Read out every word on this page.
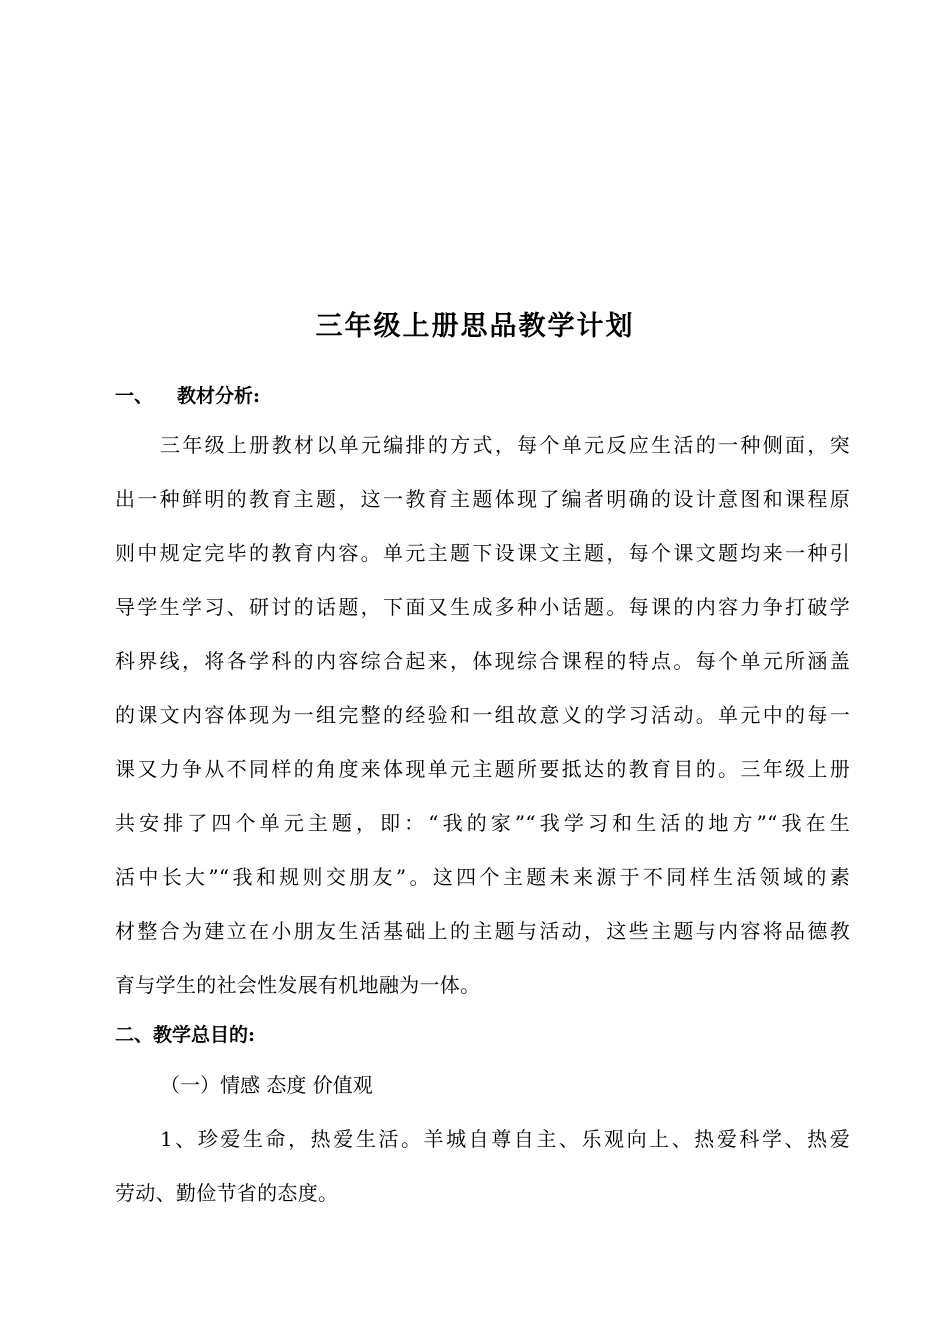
三年级上册思品教学计划
一、 教材分析:
三年级上册教材以单元编排的方式，每个单元反应生活的一种侧面，突
出一种鲜明的教育主题，这一教育主题体现了编者明确的设计意图和课程原
则中规定完毕的教育内容。单元主题下设课文主题，每个课文题均来一种引
导学生学习、研讨的话题，下面又生成多种小话题。每课的内容力争打破学
科界线，将各学科的内容综合起来，体现综合课程的特点。每个单元所涵盖
的课文内容体现为一组完整的经验和一组故意义的学习活动。单元中的每一
课又力争从不同样的角度来体现单元主题所要抵达的教育目的。三年级上册
共安排了四个单元主题，即：“我的家”“我学习和生活的地方”“我在生
活中长大”“我和规则交朋友”。这四个主题未来源于不同样生活领域的素
材整合为建立在小朋友生活基础上的主题与活动，这些主题与内容将品德教
育与学生的社会性发展有机地融为一体。
二、教学总目的:
（一）情感 态度 价值观
1、珍爱生命，热爱生活。羊城自尊自主、乐观向上、热爱科学、热爱
劳动、勤俭节省的态度。
